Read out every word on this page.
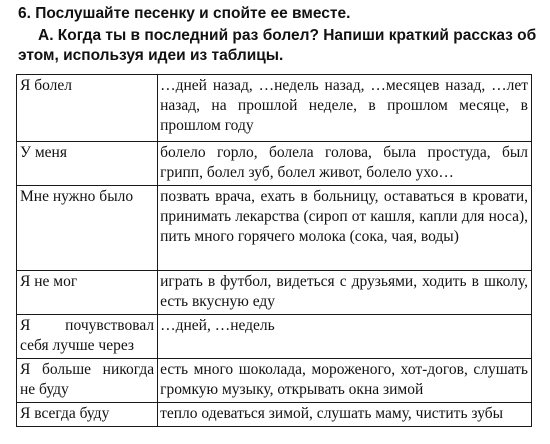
6. Послушайте песенку и спойте ее вместе.
А. Когда ты в последний раз болел? Напиши краткий рассказ об этом, используя идеи из таблицы.
Я болел	…дней назад, …недель назад, …месяцев назад, …лет назад, на прошлой неделе, в прошлом месяце, в прошлом году
У меня	болело горло, болела голова, была простуда, был грипп, болел зуб, болел живот, болело ухо…
Мне нужно было	позвать врача, ехать в больницу, оставаться в кровати, принимать лекарства (сироп от кашля, капли для носа), пить много горячего молока (сока, чая, воды)
Я не мог	играть в футбол, видеться с друзьями, ходить в школу, есть вкусную еду
Я почувствовал себя лучше через	…дней, …недель
Я больше никогда не буду	есть много шоколада, мороженого, хот-догов, слушать громкую музыку, открывать окна зимой
Я всегда буду	тепло одеваться зимой, слушать маму, чистить зубы
